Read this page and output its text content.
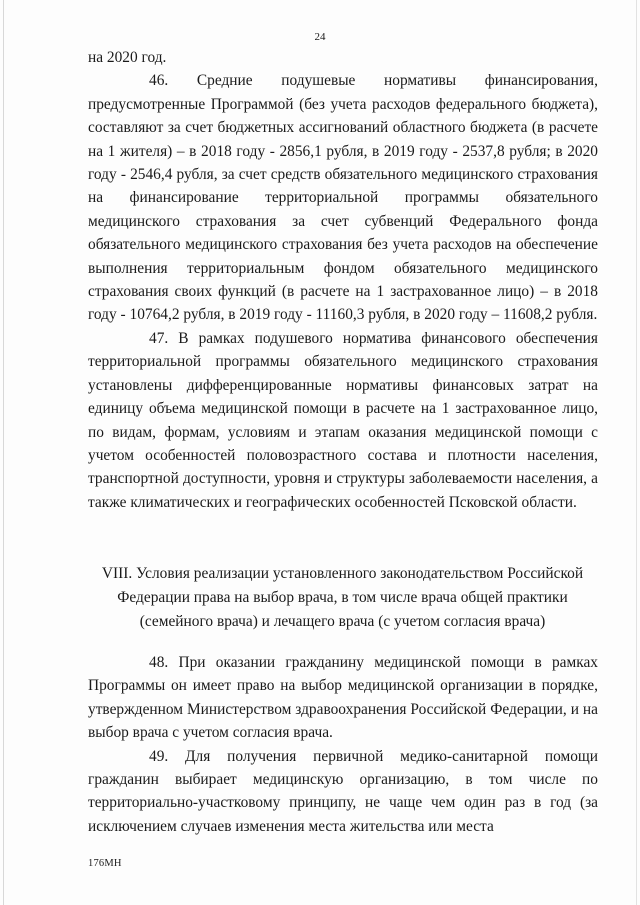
24

на 2020 год.

46. Средние подушевые нормативы финансирования, предусмотренные Программой (без учета расходов федерального бюджета), составляют за счет бюджетных ассигнований областного бюджета (в расчете на 1 жителя) – в 2018 году - 2856,1 рубля, в 2019 году - 2537,8 рубля; в 2020 году - 2546,4 рубля, за счет средств обязательного медицинского страхования на финансирование территориальной программы обязательного медицинского страхования за счет субвенций Федерального фонда обязательного медицинского страхования без учета расходов на обеспечение выполнения территориальным фондом обязательного медицинского страхования своих функций (в расчете на 1 застрахованное лицо) – в 2018 году - 10764,2 рубля, в 2019 году - 11160,3 рубля, в 2020 году – 11608,2 рубля.

47. В рамках подушевого норматива финансового обеспечения территориальной программы обязательного медицинского страхования установлены дифференцированные нормативы финансовых затрат на единицу объема медицинской помощи в расчете на 1 застрахованное лицо, по видам, формам, условиям и этапам оказания медицинской помощи с учетом особенностей половозрастного состава и плотности населения, транспортной доступности, уровня и структуры заболеваемости населения, а также климатических и географических особенностей Псковской области.

VIII. Условия реализации установленного законодательством Российской
Федерации права на выбор врача, в том числе врача общей практики
(семейного врача) и лечащего врача (с учетом согласия врача)

48. При оказании гражданину медицинской помощи в рамках Программы он имеет право на выбор медицинской организации в порядке, утвержденном Министерством здравоохранения Российской Федерации, и на выбор врача с учетом согласия врача.

49. Для получения первичной медико-санитарной помощи гражданин выбирает медицинскую организацию, в том числе по территориально-участковому принципу, не чаще чем один раз в год (за исключением случаев изменения места жительства или места

176МН
